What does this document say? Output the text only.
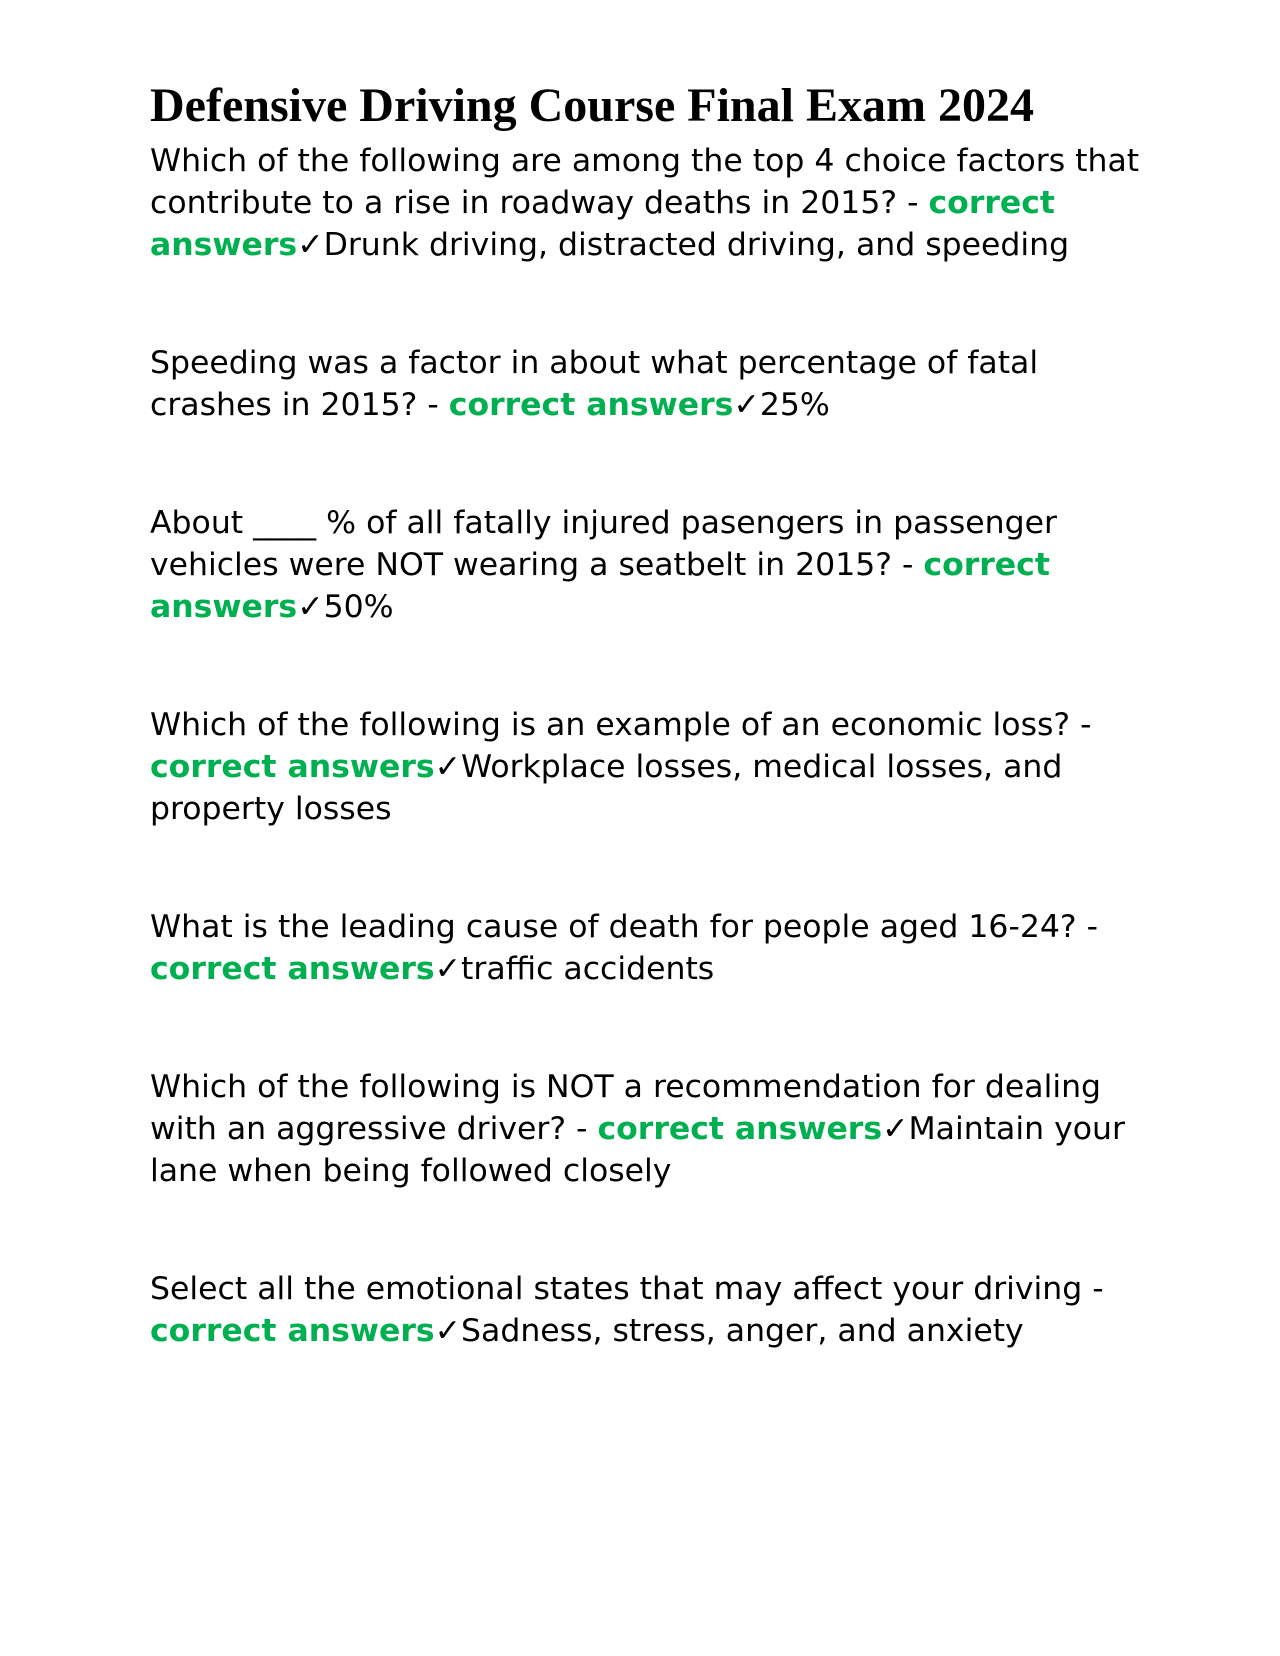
Defensive Driving Course Final Exam 2024

Which of the following are among the top 4 choice factors that contribute to a rise in roadway deaths in 2015? - correct answers✓Drunk driving, distracted driving, and speeding

Speeding was a factor in about what percentage of fatal crashes in 2015? - correct answers✓25%

About ____ % of all fatally injured pasengers in passenger vehicles were NOT wearing a seatbelt in 2015? - correct answers✓50%

Which of the following is an example of an economic loss? - correct answers✓Workplace losses, medical losses, and property losses

What is the leading cause of death for people aged 16-24? - correct answers✓traffic accidents

Which of the following is NOT a recommendation for dealing with an aggressive driver? - correct answers✓Maintain your lane when being followed closely

Select all the emotional states that may affect your driving - correct answers✓Sadness, stress, anger, and anxiety
